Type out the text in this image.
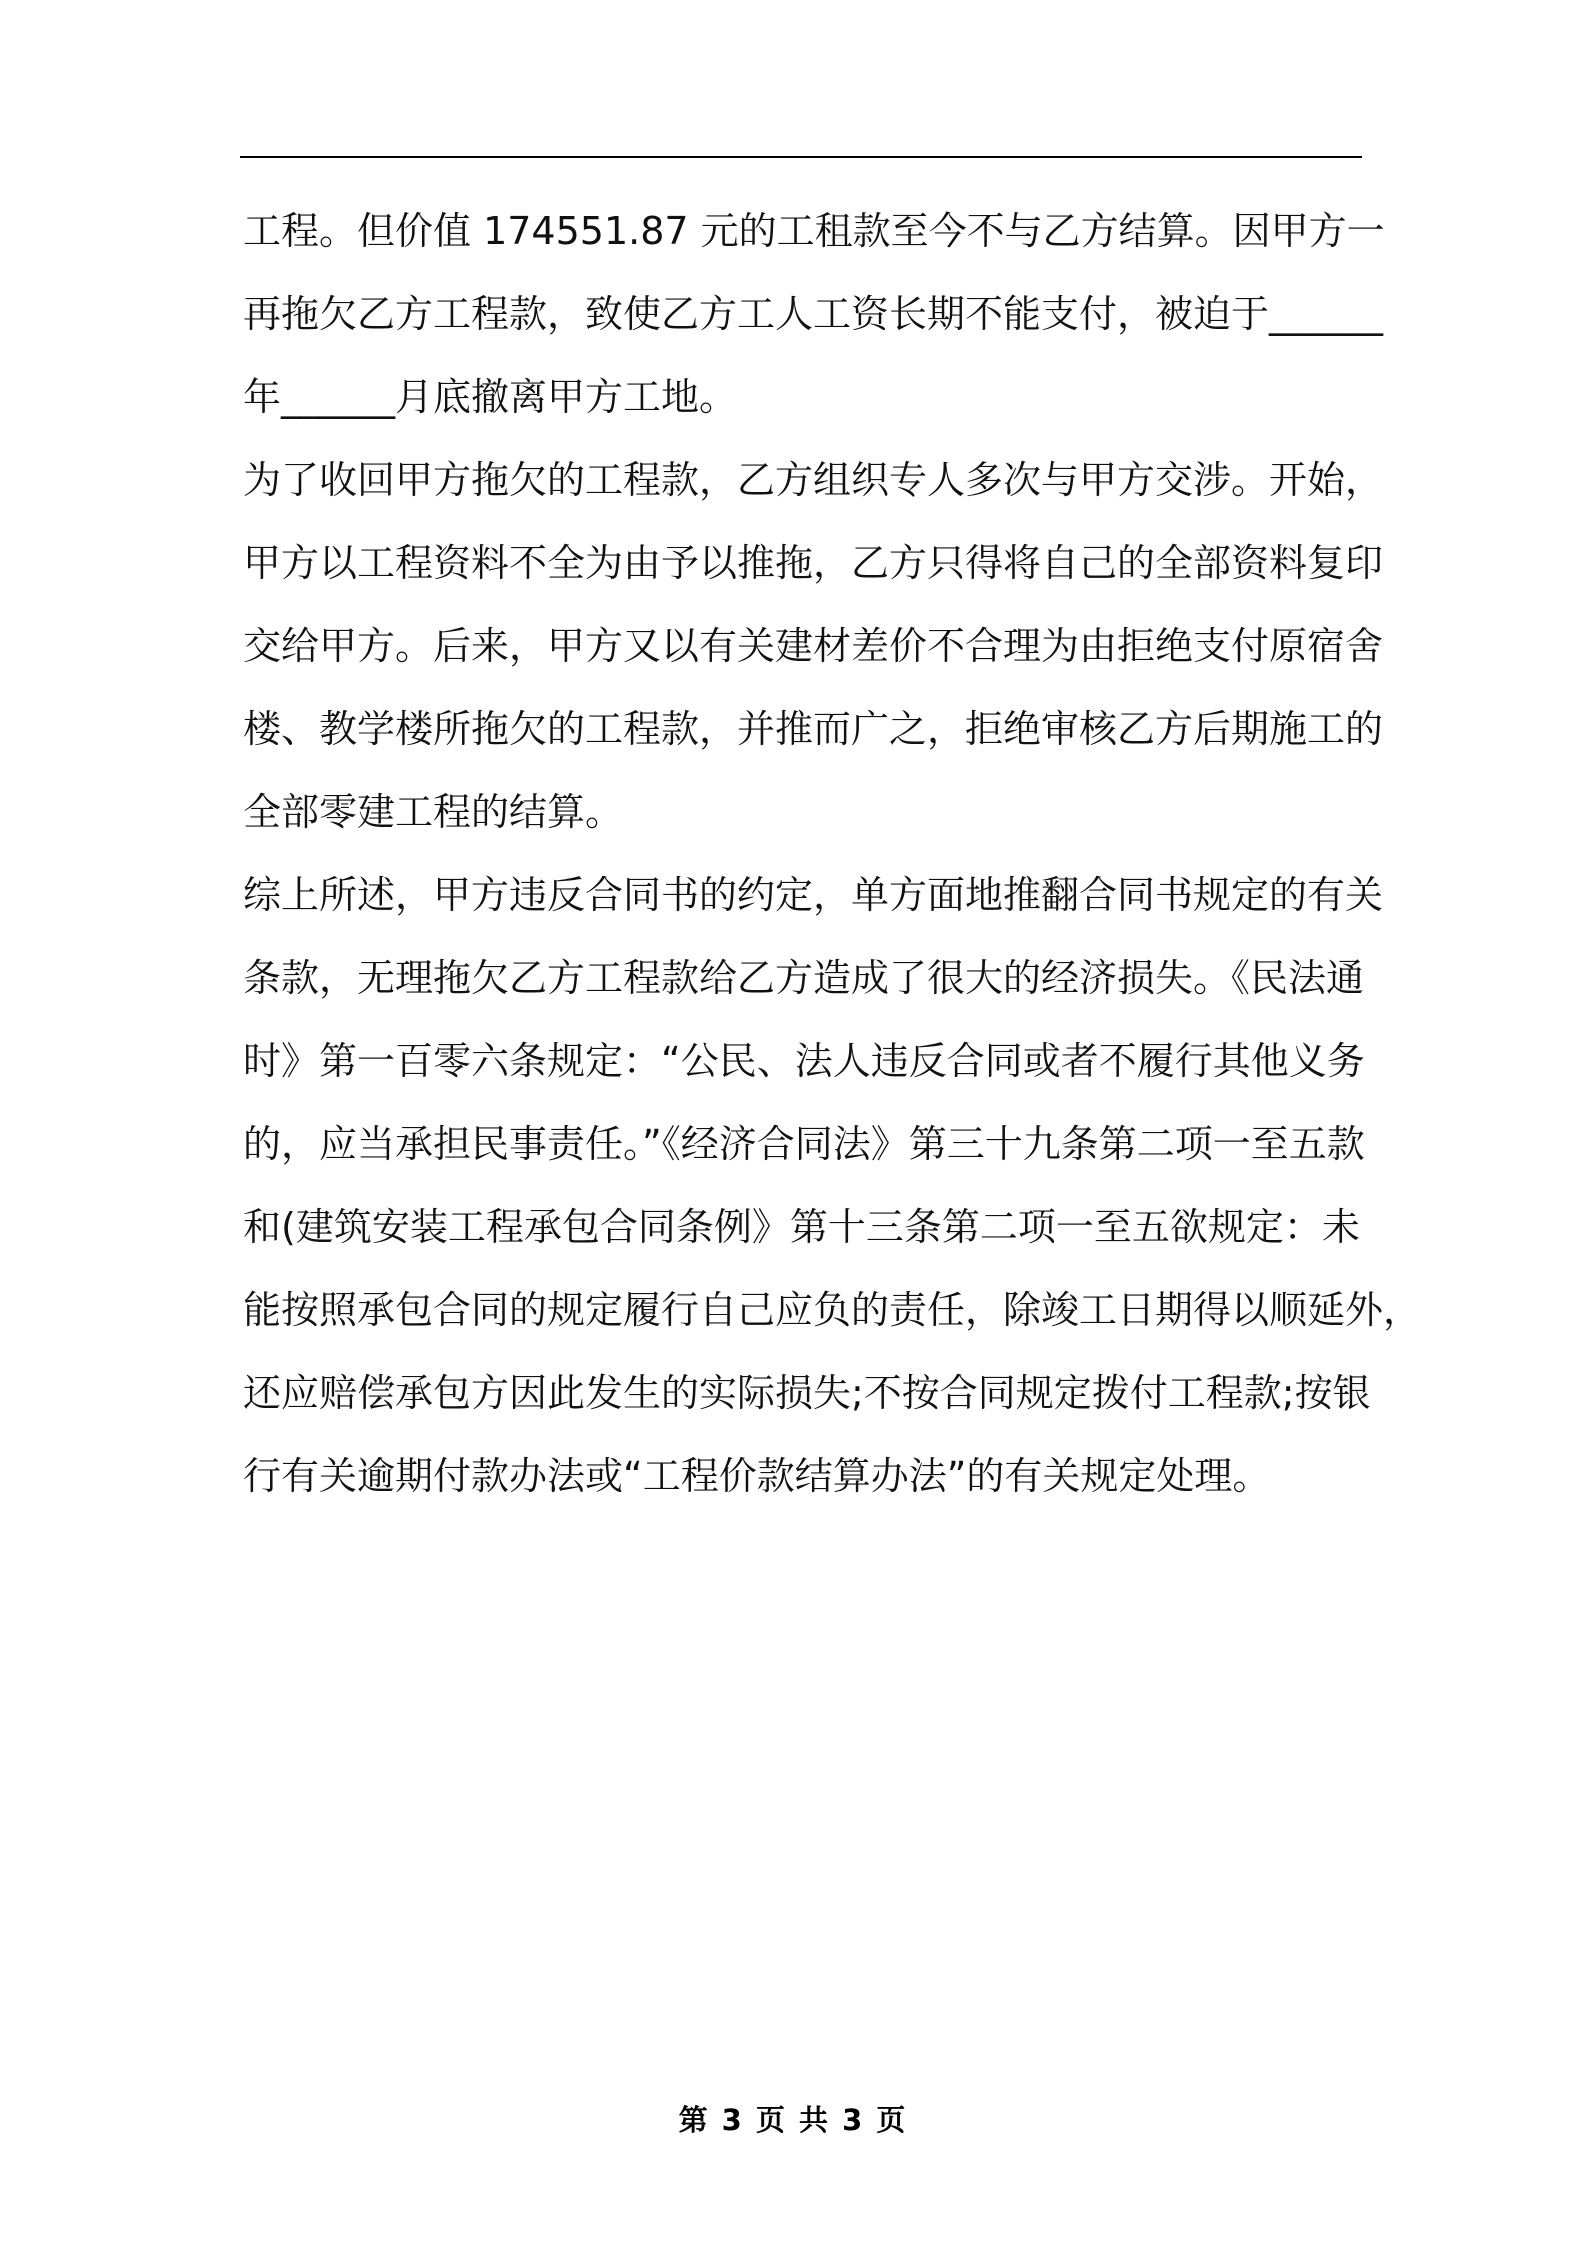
工程。但价值 174551.87 元的工租款至今不与乙方结算。因甲方一
再拖欠乙方工程款，致使乙方工人工资长期不能支付，被迫于______
年______月底撤离甲方工地。
为了收回甲方拖欠的工程款，乙方组织专人多次与甲方交涉。开始，
甲方以工程资料不全为由予以推拖，乙方只得将自己的全部资料复印
交给甲方。后来，甲方又以有关建材差价不合理为由拒绝支付原宿舍
楼、教学楼所拖欠的工程款，并推而广之，拒绝审核乙方后期施工的
全部零建工程的结算。
综上所述，甲方违反合同书的约定，单方面地推翻合同书规定的有关
条款，无理拖欠乙方工程款给乙方造成了很大的经济损失。《民法通
时》第一百零六条规定：“公民、法人违反合同或者不履行其他义务
的，应当承担民事责任。”《经济合同法》第三十九条第二项一至五款
和(建筑安装工程承包合同条例》第十三条第二项一至五欲规定：未
能按照承包合同的规定履行自己应负的责任，除竣工日期得以顺延外，
还应赔偿承包方因此发生的实际损失;不按合同规定拨付工程款;按银
行有关逾期付款办法或“工程价款结算办法”的有关规定处理。
第 3 页 共 3 页
